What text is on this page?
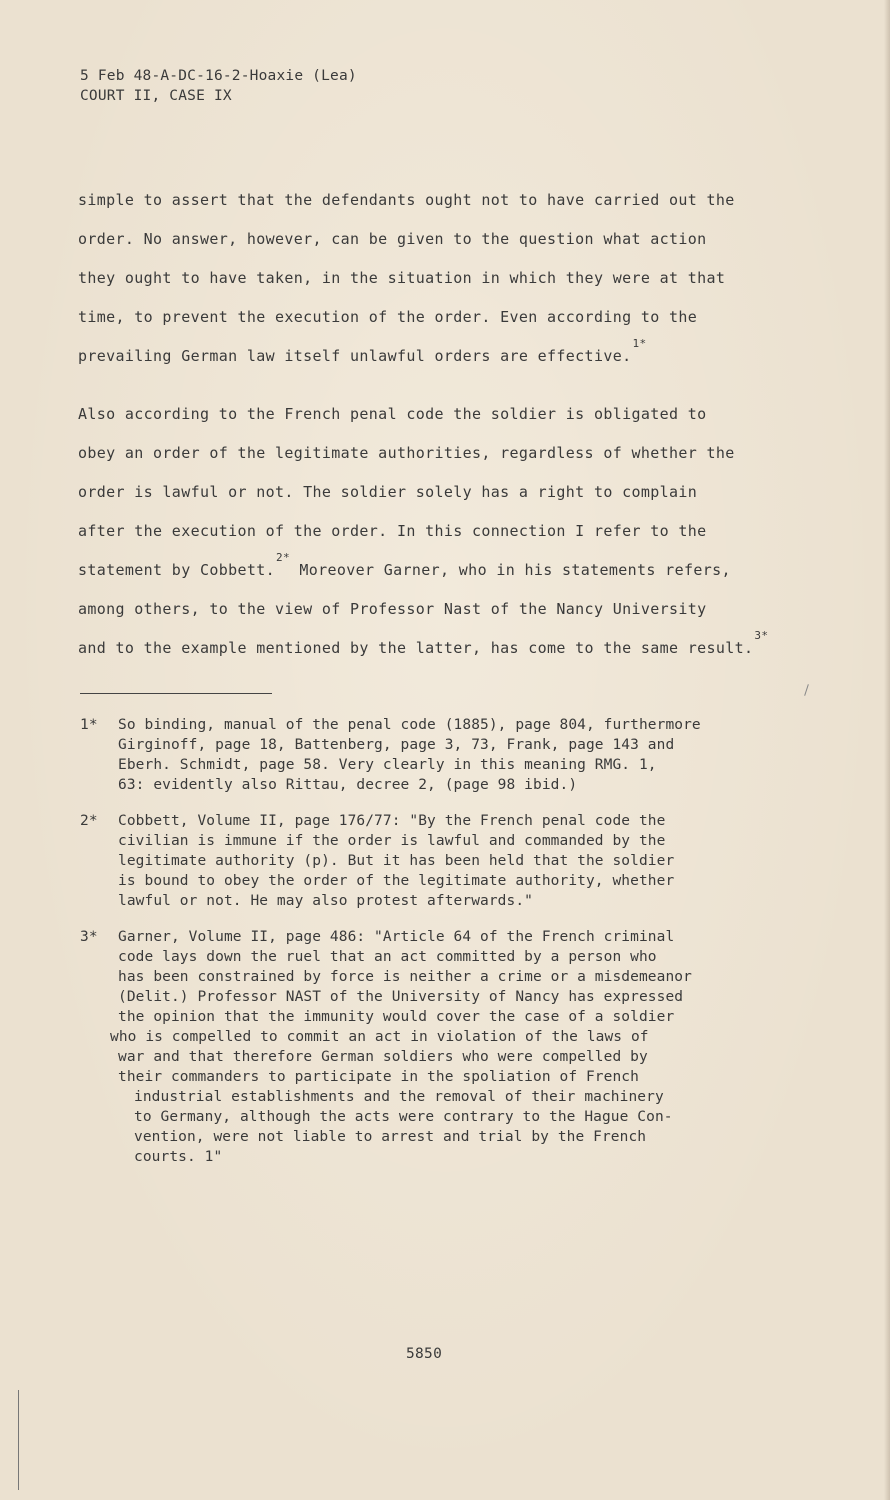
5 Feb 48-A-DC-16-2-Hoaxie (Lea)
COURT II, CASE IX
simple to assert that the defendants ought not to have carried out the
order. No answer, however, can be given to the question what action
they ought to have taken, in the situation in which they were at that
time, to prevent the execution of the order. Even according to the
prevailing German law itself unlawful orders are effective.$^{1*}$
Also according to the French penal code the soldier is obligated to
obey an order of the legitimate authorities, regardless of whether the
order is lawful or not. The soldier solely has a right to complain
after the execution of the order. In this connection I refer to the
statement by Cobbett.$^{2*}$ Moreover Garner, who in his statements refers,
among others, to the view of Professor Nast of the Nancy University
and to the example mentioned by the latter, has come to the same result.$^{3*}$
1* So binding, manual of the penal code (1885), page 804, furthermore
Girginoff, page 18, Battenberg, page 3, 73, Frank, page 143 and
Eberh. Schmidt, page 58. Very clearly in this meaning RMG. 1,
63: evidently also Rittau, decree 2, (page 98 ibid.)
2* Cobbett, Volume II, page 176/77: "By the French penal code the
civilian is immune if the order is lawful and commanded by the
legitimate authority (p). But it has been held that the soldier
is bound to obey the order of the legitimate authority, whether
lawful or not. He may also protest afterwards."
3* Garner, Volume II, page 486: "Article 64 of the French criminal
code lays down the ruel that an act committed by a person who
has been constrained by force is neither a crime or a misdemeanor
(Delit.) Professor NAST of the University of Nancy has expressed
the opinion that the immunity would cover the case of a soldier
who is compelled to commit an act in violation of the laws of
war and that therefore German soldiers who were compelled by
their commanders to participate in the spoliation of French
industrial establishments and the removal of their machinery
to Germany, although the acts were contrary to the Hague Con-
vention, were not liable to arrest and trial by the French
courts. 1"
5850
